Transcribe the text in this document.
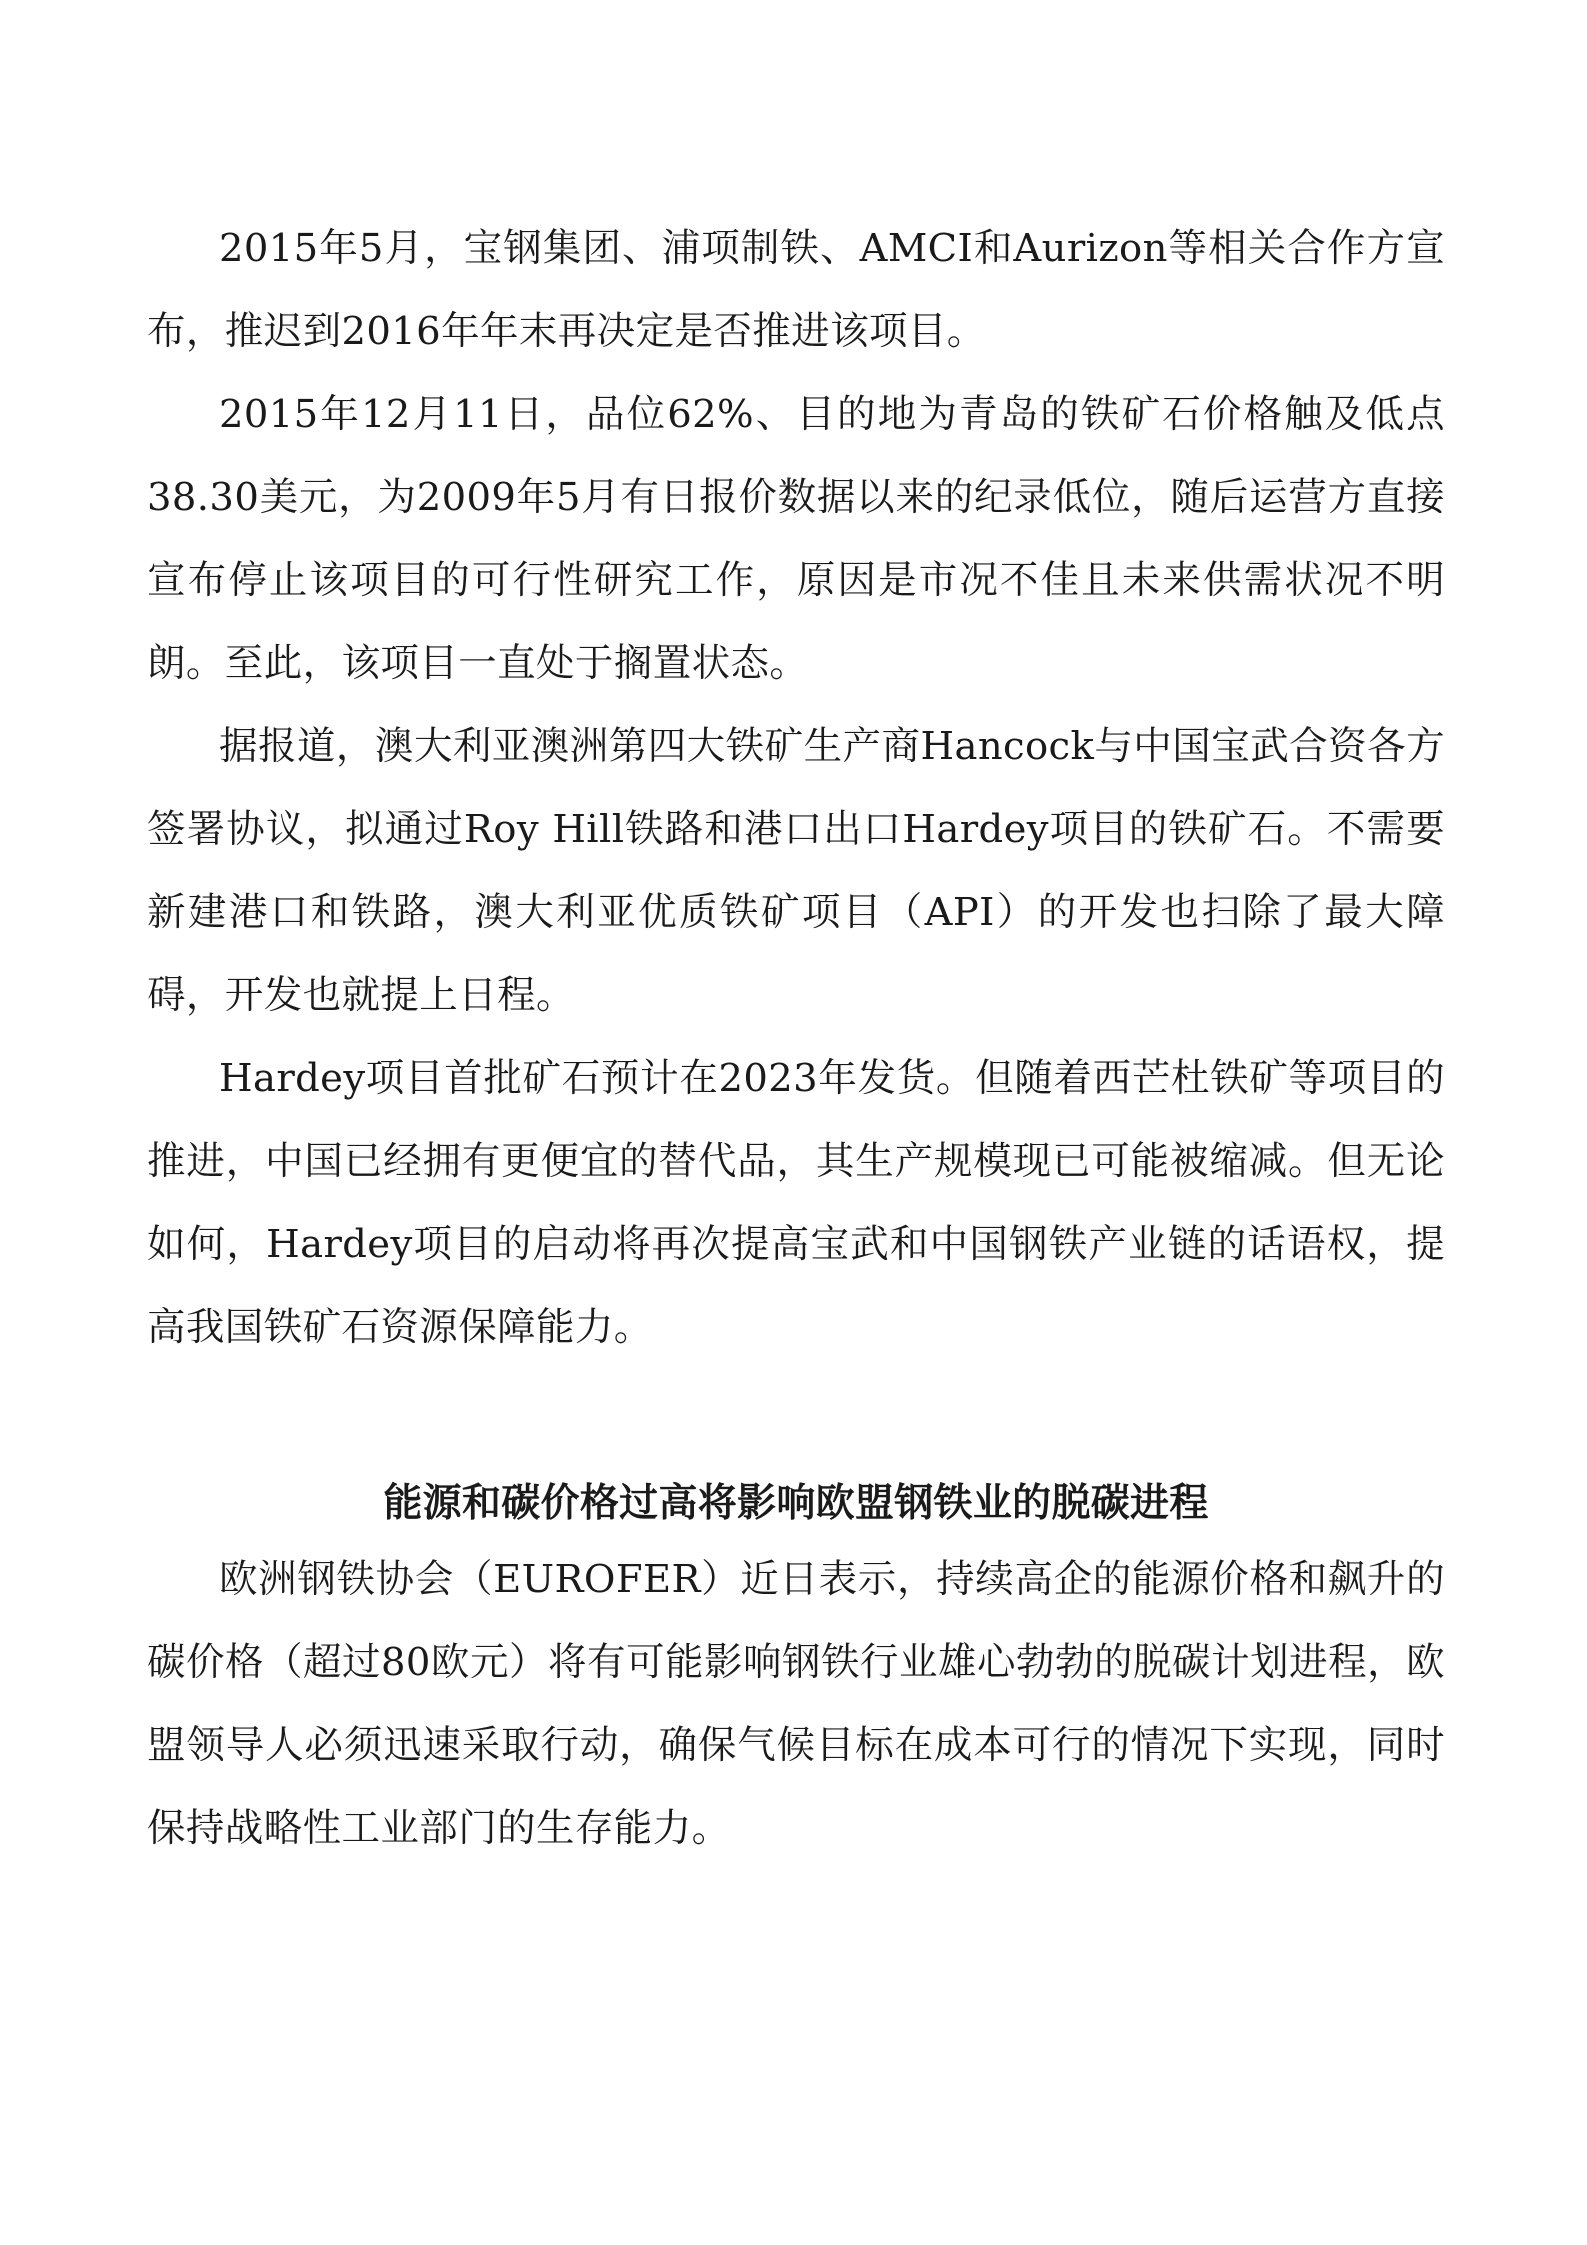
2015年5月，宝钢集团、浦项制铁、AMCI和Aurizon等相关合作方宣布，推迟到2016年年末再决定是否推进该项目。

2015年12月11日，品位62%、目的地为青岛的铁矿石价格触及低点38.30美元，为2009年5月有日报价数据以来的纪录低位，随后运营方直接宣布停止该项目的可行性研究工作，原因是市况不佳且未来供需状况不明朗。至此，该项目一直处于搁置状态。

据报道，澳大利亚澳洲第四大铁矿生产商Hancock与中国宝武合资各方签署协议，拟通过Roy Hill铁路和港口出口Hardey项目的铁矿石。不需要新建港口和铁路，澳大利亚优质铁矿项目（API）的开发也扫除了最大障碍，开发也就提上日程。

Hardey项目首批矿石预计在2023年发货。但随着西芒杜铁矿等项目的推进，中国已经拥有更便宜的替代品，其生产规模现已可能被缩减。但无论如何，Hardey项目的启动将再次提高宝武和中国钢铁产业链的话语权，提高我国铁矿石资源保障能力。

能源和碳价格过高将影响欧盟钢铁业的脱碳进程

欧洲钢铁协会（EUROFER）近日表示，持续高企的能源价格和飙升的碳价格（超过80欧元）将有可能影响钢铁行业雄心勃勃的脱碳计划进程，欧盟领导人必须迅速采取行动，确保气候目标在成本可行的情况下实现，同时保持战略性工业部门的生存能力。
